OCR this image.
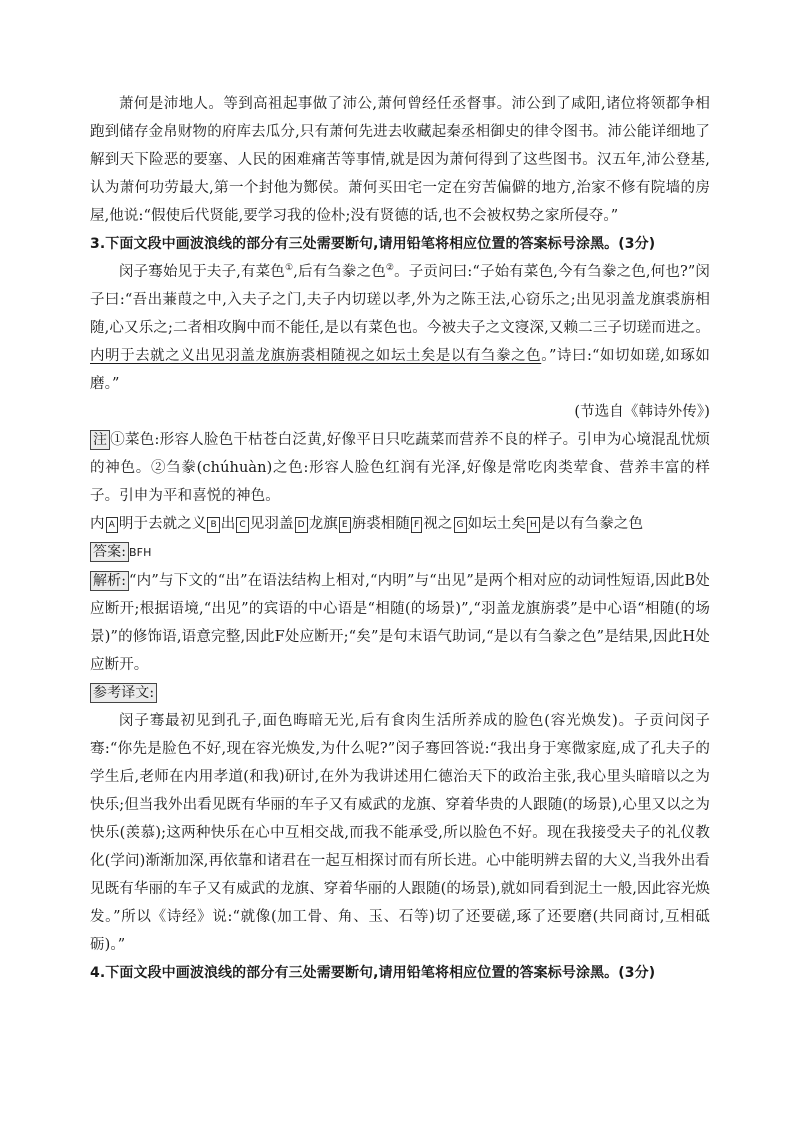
萧何是沛地人。等到高祖起事做了沛公,萧何曾经任丞督事。沛公到了咸阳,诸位将领都争相跑到储存金帛财物的府库去瓜分,只有萧何先进去收藏起秦丞相御史的律令图书。沛公能详细地了解到天下险恶的要塞、人民的困难痛苦等事情,就是因为萧何得到了这些图书。汉五年,沛公登基,认为萧何功劳最大,第一个封他为酂侯。萧何买田宅一定在穷苦偏僻的地方,治家不修有院墙的房屋,他说:“假使后代贤能,要学习我的俭朴;没有贤德的话,也不会被权势之家所侵夺。”

3.下面文段中画波浪线的部分有三处需要断句,请用铅笔将相应位置的答案标号涂黑。(3分)

闵子骞始见于夫子,有菜色①,后有刍豢之色②。子贡问曰:“子始有菜色,今有刍豢之色,何也?”闵子曰:“吾出蒹葭之中,入夫子之门,夫子内切瑳以孝,外为之陈王法,心窃乐之;出见羽盖龙旗裘旃相随,心又乐之;二者相攻胸中而不能任,是以有菜色也。今被夫子之文寖深,又赖二三子切瑳而进之。内明于去就之义出见羽盖龙旗旃裘相随视之如坛土矣是以有刍豢之色。”诗曰:“如切如瑳,如琢如磨。”

(节选自《韩诗外传》)

注 ①菜色:形容人脸色干枯苍白泛黄,好像平日只吃蔬菜而营养不良的样子。引申为心境混乱忧烦的神色。②刍豢(chúhuàn)之色:形容人脸色红润有光泽,好像是常吃肉类荤食、营养丰富的样子。引申为平和喜悦的神色。

内 A 明于去就之义 B 出 C 见羽盖 D 龙旗 E 旃裘相随 F 视之 G 如坛土矣 H 是以有刍豢之色

答案: BFH

解析: “内”与下文的“出”在语法结构上相对,“内明”与“出见”是两个相对应的动词性短语,因此B处应断开;根据语境,“出见”的宾语的中心语是“相随(的场景)”,“羽盖龙旗旃裘”是中心语“相随(的场景)”的修饰语,语意完整,因此F处应断开;“矣”是句末语气助词,“是以有刍豢之色”是结果,因此H处应断开。

参考译文:

闵子骞最初见到孔子,面色晦暗无光,后有食肉生活所养成的脸色(容光焕发)。子贡问闵子骞:“你先是脸色不好,现在容光焕发,为什么呢?”闵子骞回答说:“我出身于寒微家庭,成了孔夫子的学生后,老师在内用孝道(和我)研讨,在外为我讲述用仁德治天下的政治主张,我心里头暗暗以之为快乐;但当我外出看见既有华丽的车子又有威武的龙旗、穿着华贵的人跟随(的场景),心里又以之为快乐(羡慕);这两种快乐在心中互相交战,而我不能承受,所以脸色不好。现在我接受夫子的礼仪教化(学问)渐渐加深,再依靠和诸君在一起互相探讨而有所长进。心中能明辨去留的大义,当我外出看见既有华丽的车子又有威武的龙旗、穿着华丽的人跟随(的场景),就如同看到泥土一般,因此容光焕发。”所以《诗经》说:“就像(加工骨、角、玉、石等)切了还要磋,琢了还要磨(共同商讨,互相砥砺)。”

4.下面文段中画波浪线的部分有三处需要断句,请用铅笔将相应位置的答案标号涂黑。(3分)
